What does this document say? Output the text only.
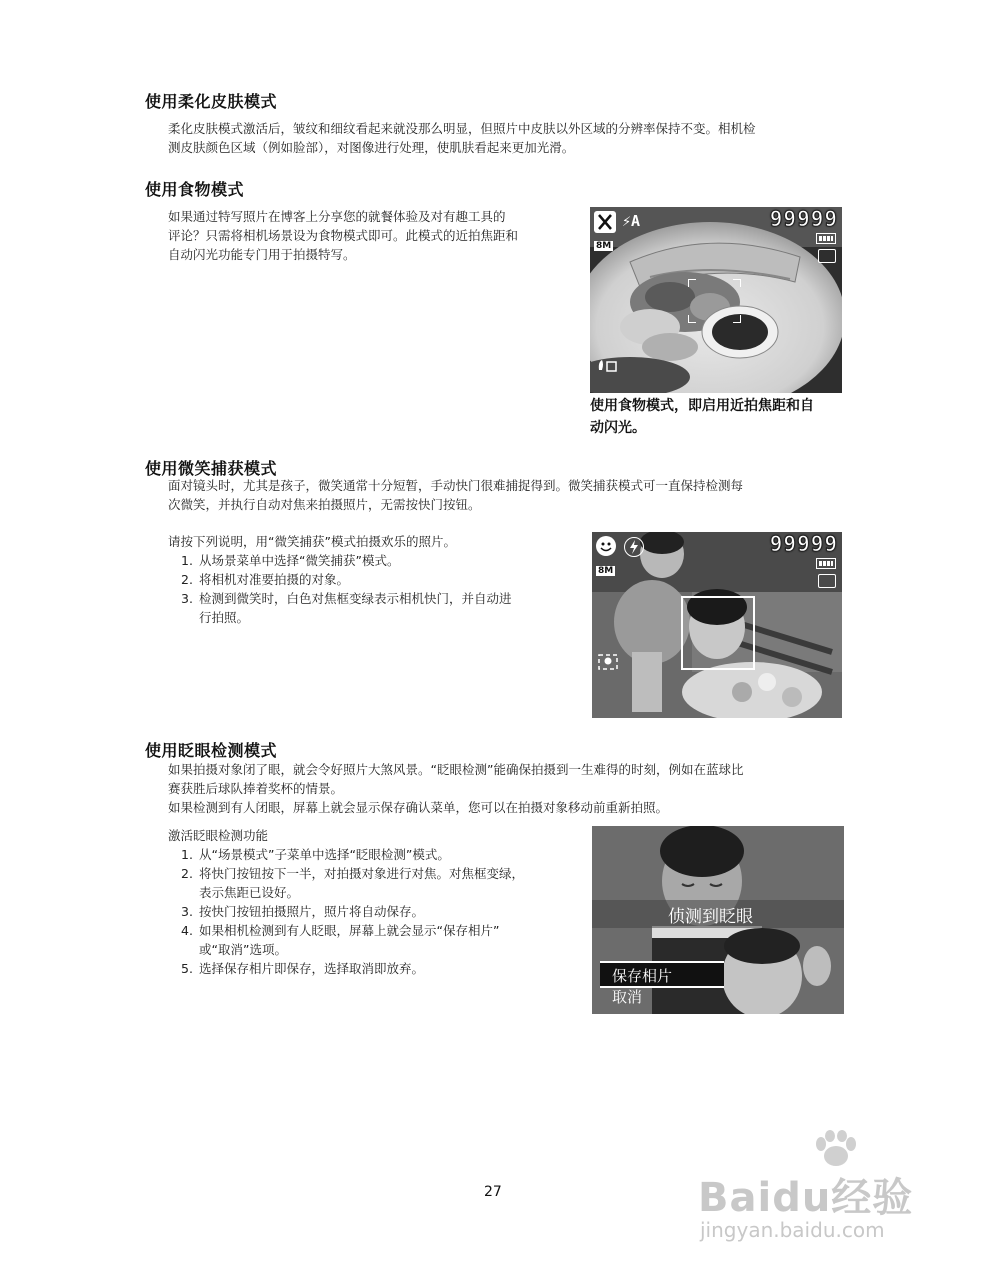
使用柔化皮肤模式
柔化皮肤模式激活后，皱纹和细纹看起来就没那么明显，但照片中皮肤以外区域的分辨率保持不变。相机检
测皮肤颜色区域（例如脸部），对图像进行处理，使肌肤看起来更加光滑。
使用食物模式
如果通过特写照片在博客上分享您的就餐体验及对有趣工具的
评论？只需将相机场景设为食物模式即可。此模式的近拍焦距和
自动闪光功能专门用于拍摄特写。
⚡A	99999
8M
使用食物模式，即启用近拍焦距和自
动闪光。
使用微笑捕获模式
面对镜头时，尤其是孩子，微笑通常十分短暂，手动快门很难捕捉得到。微笑捕获模式可一直保持检测每
次微笑，并执行自动对焦来拍摄照片，无需按快门按钮。
请按下列说明，用“微笑捕获”模式拍摄欢乐的照片。
1. 从场景菜单中选择“微笑捕获”模式。
2. 将相机对准要拍摄的对象。
3. 检测到微笑时，白色对焦框变绿表示相机快门，并自动进
行拍照。
99999
8M
使用眨眼检测模式
如果拍摄对象闭了眼，就会令好照片大煞风景。“眨眼检测”能确保拍摄到一生难得的时刻，例如在蓝球比
赛获胜后球队捧着奖杯的情景。
如果检测到有人闭眼，屏幕上就会显示保存确认菜单，您可以在拍摄对象移动前重新拍照。
激活眨眼检测功能
1. 从“场景模式”子菜单中选择“眨眼检测”模式。
2. 将快门按钮按下一半，对拍摄对象进行对焦。对焦框变绿，
表示焦距已设好。
3. 按快门按钮拍摄照片，照片将自动保存。
4. 如果相机检测到有人眨眼，屏幕上就会显示“保存相片”
或“取消”选项。
5. 选择保存相片即保存，选择取消即放弃。
侦测到眨眼
保存相片
取消
27	Baidu经验
jingyan.baidu.com
